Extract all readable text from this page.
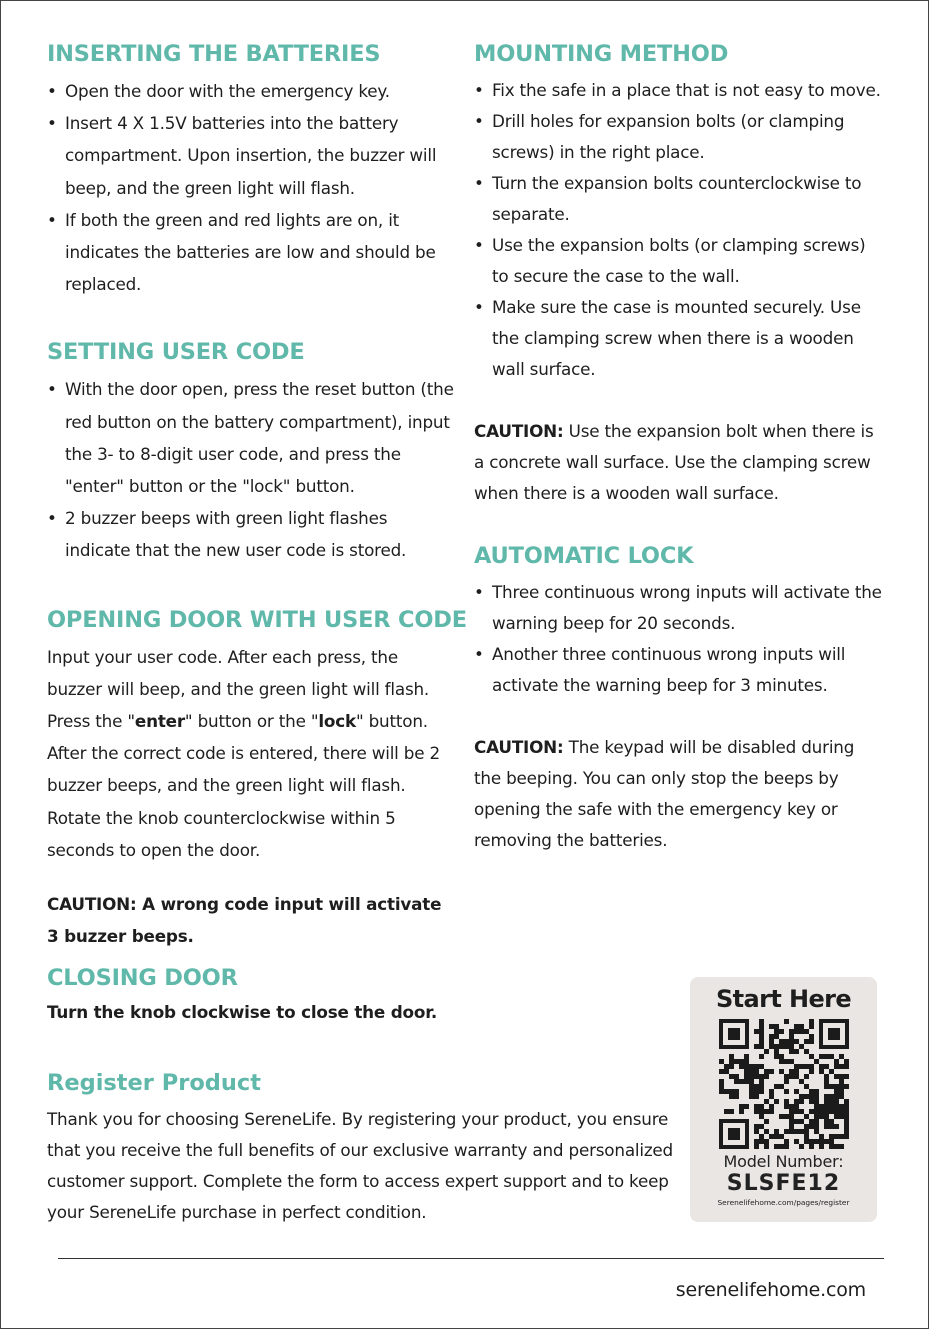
INSERTING THE BATTERIES
• Open the door with the emergency key.
• Insert 4 X 1.5V batteries into the battery compartment. Upon insertion, the buzzer will beep, and the green light will flash.
• If both the green and red lights are on, it indicates the batteries are low and should be replaced.
SETTING USER CODE
• With the door open, press the reset button (the red button on the battery compartment), input the 3- to 8-digit user code, and press the "enter" button or the "lock" button.
• 2 buzzer beeps with green light flashes indicate that the new user code is stored.
OPENING DOOR WITH USER CODE
Input your user code. After each press, the buzzer will beep, and the green light will flash. Press the "enter" button or the "lock" button. After the correct code is entered, there will be 2 buzzer beeps, and the green light will flash. Rotate the knob counterclockwise within 5 seconds to open the door.
CAUTION: A wrong code input will activate 3 buzzer beeps.
MOUNTING METHOD
• Fix the safe in a place that is not easy to move.
• Drill holes for expansion bolts (or clamping screws) in the right place.
• Turn the expansion bolts counterclockwise to separate.
• Use the expansion bolts (or clamping screws) to secure the case to the wall.
• Make sure the case is mounted securely. Use the clamping screw when there is a wooden wall surface.
CAUTION: Use the expansion bolt when there is a concrete wall surface. Use the clamping screw when there is a wooden wall surface.
AUTOMATIC LOCK
• Three continuous wrong inputs will activate the warning beep for 20 seconds.
• Another three continuous wrong inputs will activate the warning beep for 3 minutes.
CAUTION: The keypad will be disabled during the beeping. You can only stop the beeps by opening the safe with the emergency key or removing the batteries.
CLOSING DOOR
Turn the knob clockwise to close the door.
Register Product
Thank you for choosing SereneLife. By registering your product, you ensure that you receive the full benefits of our exclusive warranty and personalized customer support. Complete the form to access expert support and to keep your SereneLife purchase in perfect condition.
Start Here
Model Number:
SLSFE12
Serenelifehome.com/pages/register
serenelifehome.com
